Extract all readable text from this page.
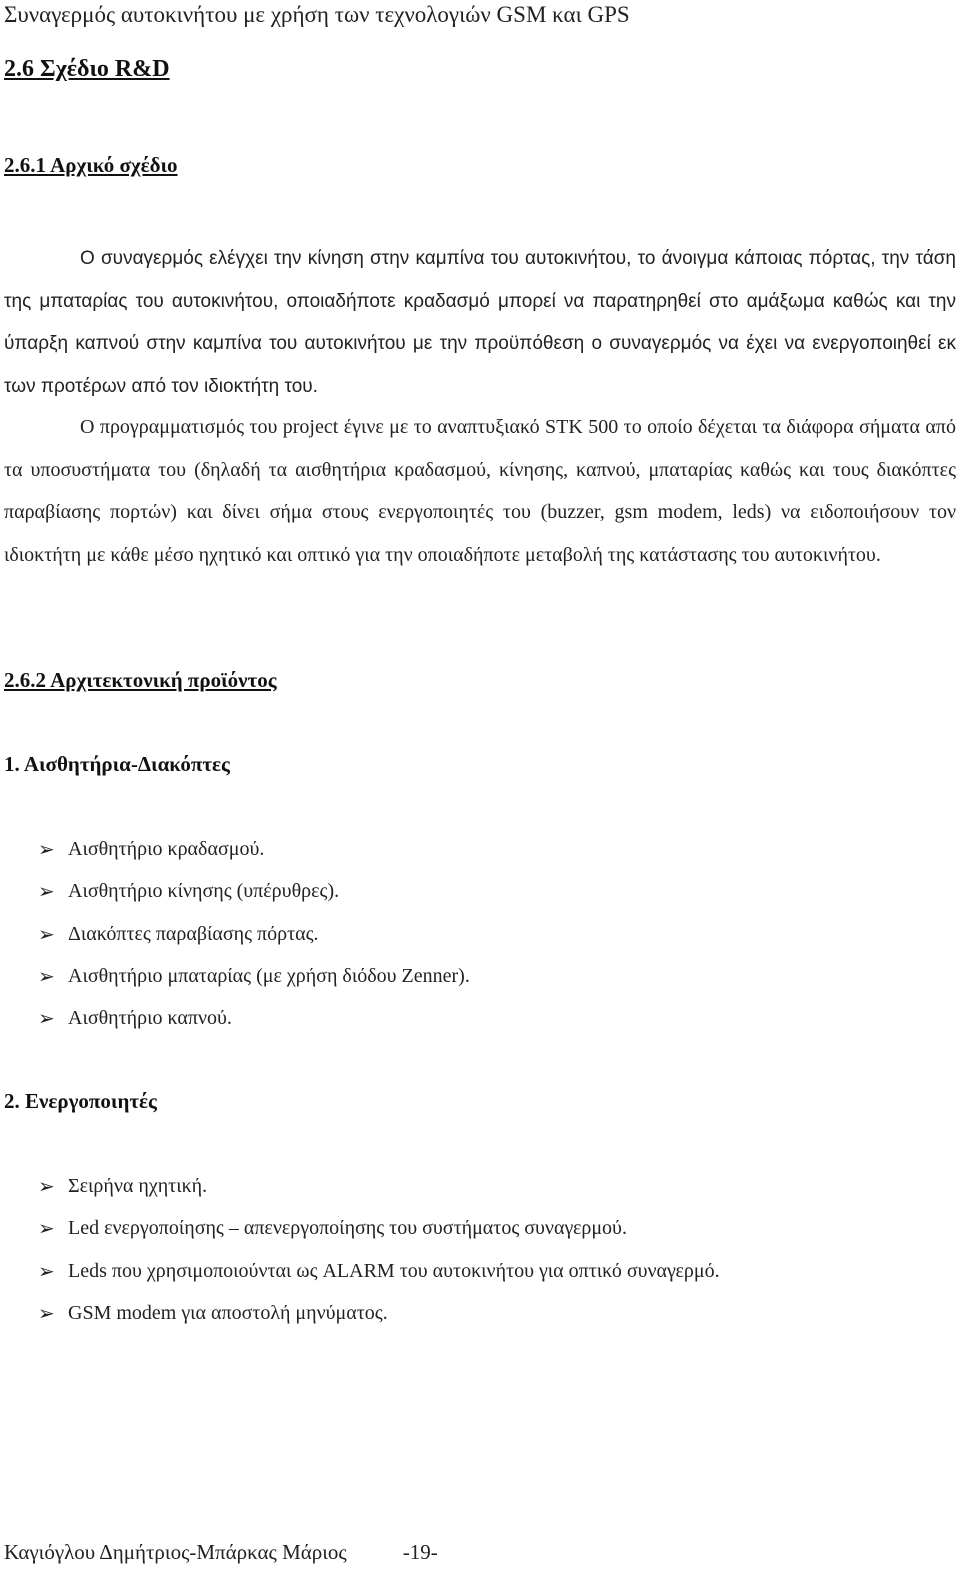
Συναγερμός αυτοκινήτου με χρήση των τεχνολογιών GSM και GPS
2.6 Σχέδιο R&D
2.6.1 Αρχικό σχέδιο

Ο συναγερμός ελέγχει την κίνηση στην καμπίνα του αυτοκινήτου, το άνοιγμα κάποιας πόρτας, την τάση της μπαταρίας του αυτοκινήτου, οποιαδήποτε κραδασμό μπορεί να παρατηρηθεί στο αμάξωμα καθώς και την ύπαρξη καπνού στην καμπίνα του αυτοκινήτου με την προϋπόθεση ο συναγερμός να έχει να ενεργοποιηθεί εκ των προτέρων από τον ιδιοκτήτη του.

Ο προγραμματισμός του project έγινε με το αναπτυξιακό STK 500 το οποίο δέχεται τα διάφορα σήματα από τα υποσυστήματα του (δηλαδή τα αισθητήρια κραδασμού, κίνησης, καπνού, μπαταρίας καθώς και τους διακόπτες παραβίασης πορτών) και δίνει σήμα στους ενεργοποιητές του (buzzer, gsm modem, leds) να ειδοποιήσουν τον ιδιοκτήτη με κάθε μέσο ηχητικό και οπτικό για την οποιαδήποτε μεταβολή της κατάστασης του αυτοκινήτου.

2.6.2 Αρχιτεκτονική προϊόντος
1. Αισθητήρια-Διακόπτες
➢ Αισθητήριο κραδασμού.
➢ Αισθητήριο κίνησης (υπέρυθρες).
➢ Διακόπτες παραβίασης πόρτας.
➢ Αισθητήριο μπαταρίας (με χρήση διόδου Zenner).
➢ Αισθητήριο καπνού.
2. Ενεργοποιητές
➢ Σειρήνα ηχητική.
➢ Led ενεργοποίησης – απενεργοποίησης του συστήματος συναγερμού.
➢ Leds που χρησιμοποιούνται ως ALARM του αυτοκινήτου για οπτικό συναγερμό.
➢ GSM modem για αποστολή μηνύματος.
Καγιόγλου Δημήτριος-Μπάρκας Μάριος	-19-
